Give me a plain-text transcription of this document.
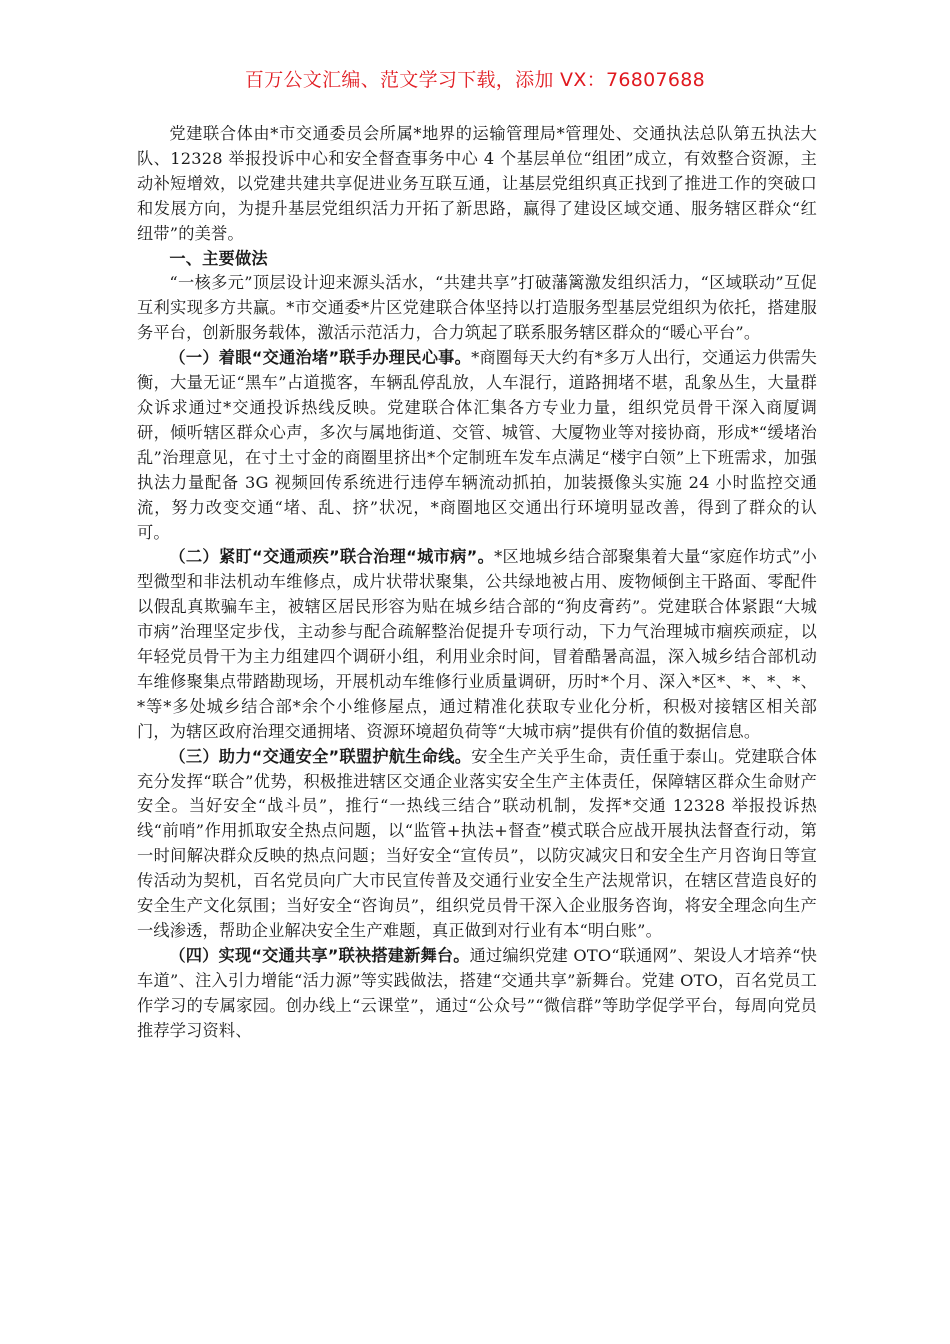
百万公文汇编、范文学习下载，添加 VX：76807688

党建联合体由*市交通委员会所属*地界的运输管理局*管理处、交通执法总队第五执法大队、12328 举报投诉中心和安全督查事务中心 4 个基层单位“组团”成立，有效整合资源，主动补短增效，以党建共建共享促进业务互联互通，让基层党组织真正找到了推进工作的突破口和发展方向，为提升基层党组织活力开拓了新思路，赢得了建设区域交通、服务辖区群众“红纽带”的美誉。

一、主要做法

“一核多元”顶层设计迎来源头活水，“共建共享”打破藩篱激发组织活力，“区域联动”互促互利实现多方共赢。*市交通委*片区党建联合体坚持以打造服务型基层党组织为依托，搭建服务平台，创新服务载体，激活示范活力，合力筑起了联系服务辖区群众的“暖心平台”。

（一）着眼“交通治堵”联手办理民心事。*商圈每天大约有*多万人出行，交通运力供需失衡，大量无证“黑车”占道揽客，车辆乱停乱放，人车混行，道路拥堵不堪，乱象丛生，大量群众诉求通过*交通投诉热线反映。党建联合体汇集各方专业力量，组织党员骨干深入商厦调研，倾听辖区群众心声，多次与属地街道、交管、城管、大厦物业等对接协商，形成*“缓堵治乱”治理意见，在寸土寸金的商圈里挤出*个定制班车发车点满足“楼宇白领”上下班需求，加强执法力量配备 3G 视频回传系统进行违停车辆流动抓拍，加装摄像头实施 24 小时监控交通流，努力改变交通“堵、乱、挤”状况，*商圈地区交通出行环境明显改善，得到了群众的认可。

（二）紧盯“交通顽疾”联合治理“城市病”。*区地城乡结合部聚集着大量“家庭作坊式”小型微型和非法机动车维修点，成片状带状聚集，公共绿地被占用、废物倾倒主干路面、零配件以假乱真欺骗车主，被辖区居民形容为贴在城乡结合部的“狗皮膏药”。党建联合体紧跟“大城市病”治理坚定步伐，主动参与配合疏解整治促提升专项行动，下力气治理城市痼疾顽症，以年轻党员骨干为主力组建四个调研小组，利用业余时间，冒着酷暑高温，深入城乡结合部机动车维修聚集点带踏勘现场，开展机动车维修行业质量调研，历时*个月、深入*区*、*、*、*、*等*多处城乡结合部*余个小维修屋点，通过精准化获取专业化分析，积极对接辖区相关部门，为辖区政府治理交通拥堵、资源环境超负荷等“大城市病”提供有价值的数据信息。

（三）助力“交通安全”联盟护航生命线。安全生产关乎生命，责任重于泰山。党建联合体充分发挥“联合”优势，积极推进辖区交通企业落实安全生产主体责任，保障辖区群众生命财产安全。当好安全“战斗员”，推行“一热线三结合”联动机制，发挥*交通 12328 举报投诉热线“前哨”作用抓取安全热点问题，以“监管+执法+督查”模式联合应战开展执法督查行动，第一时间解决群众反映的热点问题；当好安全“宣传员”，以防灾减灾日和安全生产月咨询日等宣传活动为契机，百名党员向广大市民宣传普及交通行业安全生产法规常识，在辖区营造良好的安全生产文化氛围；当好安全“咨询员”，组织党员骨干深入企业服务咨询，将安全理念向生产一线渗透，帮助企业解决安全生产难题，真正做到对行业有本“明白账”。

（四）实现“交通共享”联袂搭建新舞台。通过编织党建 OTO“联通网”、架设人才培养“快车道”、注入引力增能“活力源”等实践做法，搭建“交通共享”新舞台。党建 OTO，百名党员工作学习的专属家园。创办线上“云课堂”，通过“公众号”“微信群”等助学促学平台，每周向党员推荐学习资料、
